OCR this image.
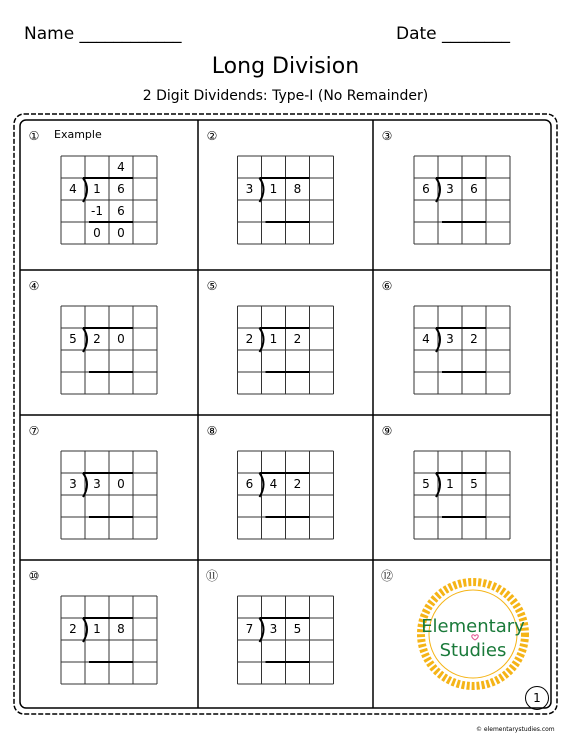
Name ____________	Date ________
Long Division
2 Digit Dividends: Type-I (No Remainder)
① Example
4 1 6
4
-1 6
0 0
②
3 1 8
③
6 3 6
④
5 2 0
⑤
2 1 2
⑥
4 3 2
⑦
3 3 0
⑧
6 4 2
⑨
5 1 5
⑩
2 1 8
⑪
7 3 5
⑫
Elementary
Studies
1
© elementarystudies.com
